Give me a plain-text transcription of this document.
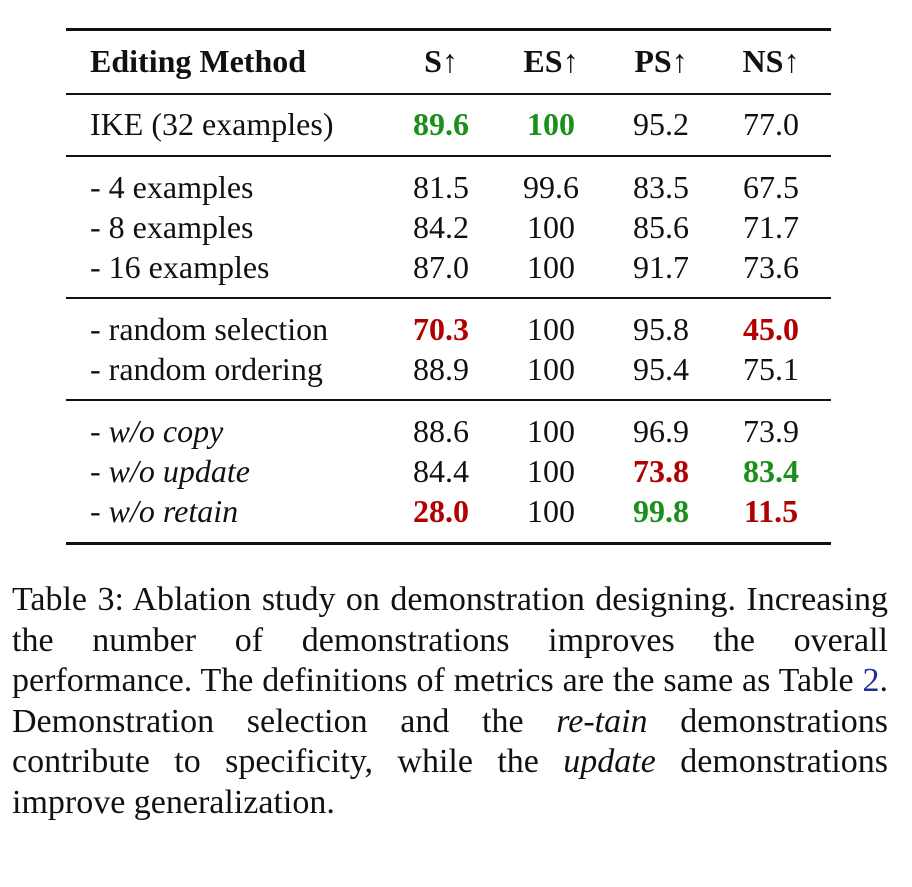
Editing Method	S↑	ES↑	PS↑	NS↑
IKE (32 examples)	89.6	100	95.2	77.0
- 4 examples	81.5	99.6	83.5	67.5
- 8 examples	84.2	100	85.6	71.7
- 16 examples	87.0	100	91.7	73.6
- random selection	70.3	100	95.8	45.0
- random ordering	88.9	100	95.4	75.1
- w/o copy	88.6	100	96.9	73.9
- w/o update	84.4	100	73.8	83.4
- w/o retain	28.0	100	99.8	11.5
Table 3: Ablation study on demonstration designing. Increasing the number of demonstrations improves the overall performance. The definitions of metrics are the same as Table 2. Demonstration selection and the re-tain demonstrations contribute to specificity, while the update demonstrations improve generalization.
